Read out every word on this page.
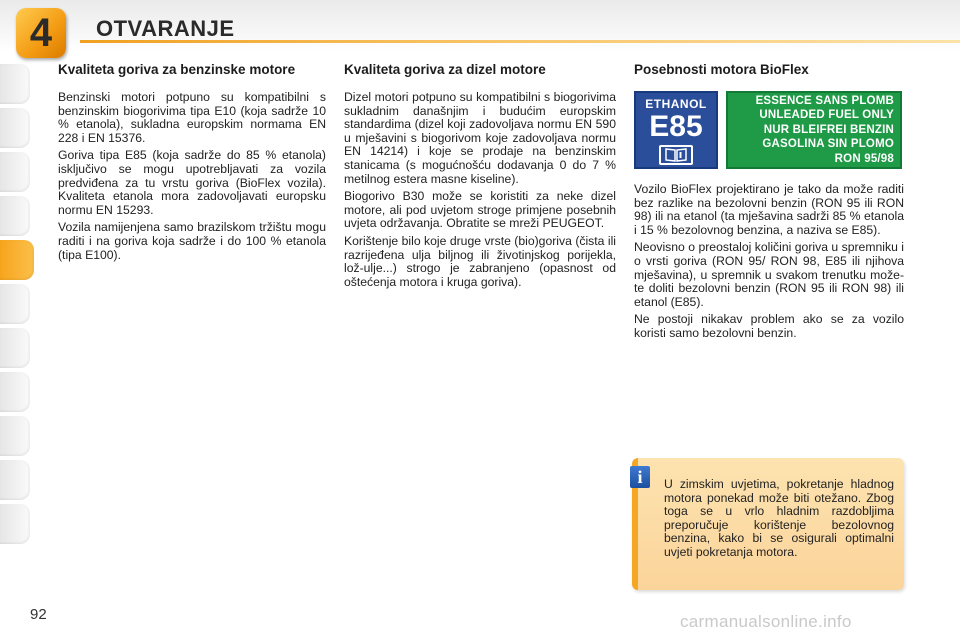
4 OTVARANJE
Kvaliteta goriva za benzinske motore

Benzinski motori potpuno su kompatibilni s benzinskim biogorivima tipa E10 (koja sadrže 10 % etanola), sukladna europskim normama EN 228 i EN 15376.

Goriva tipa E85 (koja sadrže do 85 % etanola) isključivo se mogu upotrebljavati za vozila predviđena za tu vrstu goriva (BioFlex vozila). Kvaliteta etanola mora zadovoljavati europsku normu EN 15293.

Vozila namijenjena samo brazilskom tržištu mogu raditi i na goriva koja sadrže i do 100 % etanola (tipa E100).

Kvaliteta goriva za dizel motore

Dizel motori potpuno su kompatibilni s biogorivima sukladnim današnjim i budućim europskim standardima (dizel koji zadovoljava normu EN 590 u mješavini s biogorivom koje zadovoljava normu EN 14214) i koje se prodaje na benzinskim stanicama (s mogućnošću dodavanja 0 do 7 % metilnog estera masne kiseline).

Biogorivo B30 može se koristiti za neke dizel motore, ali pod uvjetom stroge primjene posebnih uvjeta održavanja. Obratite se mreži PEUGEOT.

Korištenje bilo koje druge vrste (bio)goriva (čista ili razrijeđena ulja biljnog ili životinjskog porijekla, lož-ulje...) strogo je zabranjeno (opasnost od oštećenja motora i kruga goriva).

Posebnosti motora BioFlex
ETHANOL
E85
ESSENCE SANS PLOMB
UNLEADED FUEL ONLY
NUR BLEIFREI BENZIN
GASOLINA SIN PLOMO
RON 95/98

Vozilo BioFlex projektirano je tako da može raditi bez razlike na bezolovni benzin (RON 95 ili RON 98) ili na etanol (ta mješavina sadrži 85 % etanola i 15 % bezolovnog benzina, a naziva se E85).

Neovisno o preostaloj količini goriva u spremniku i o vrsti goriva (RON 95/ RON 98, E85 ili njihova mješavina), u spremnik u svakom trenutku može-te doliti bezolovni benzin (RON 95 ili RON 98) ili etanol (E85).

Ne postoji nikakav problem ako se za vozilo koristi samo bezolovni benzin.

U zimskim uvjetima, pokretanje hladnog motora ponekad može biti otežano. Zbog toga se u vrlo hladnim razdobljima preporučuje korištenje bezolovnog benzina, kako bi se osigurali optimalni uvjeti pokretanja motora.

i
92	carmanualsonline.info
